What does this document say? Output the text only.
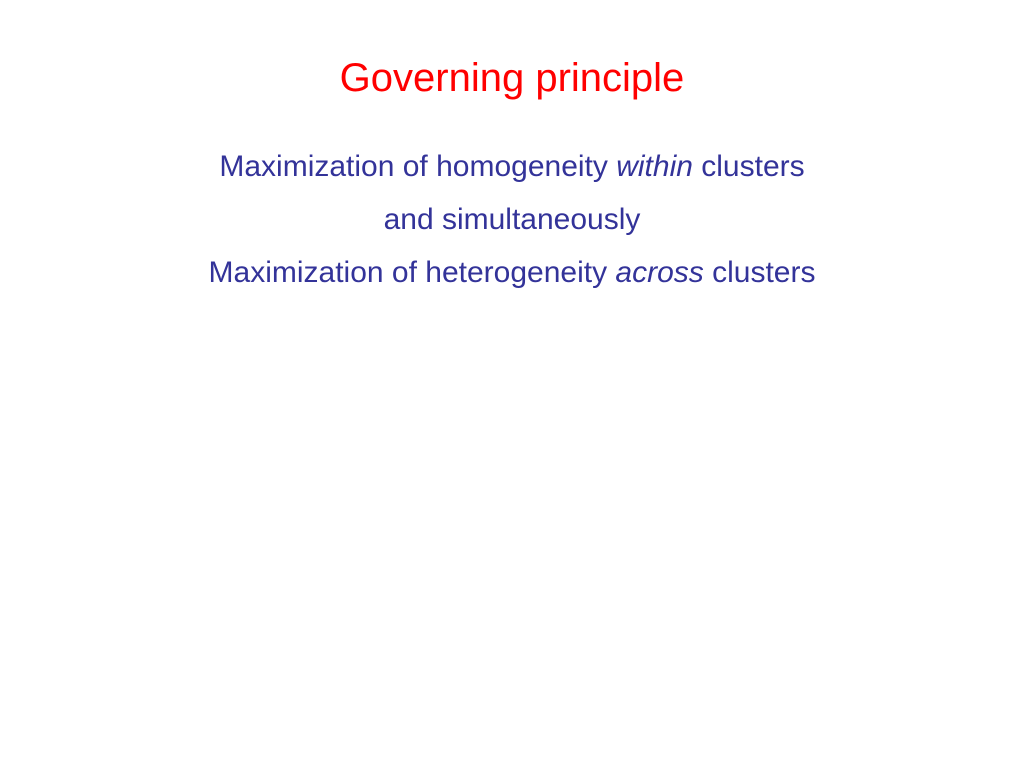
Governing principle
Maximization of homogeneity within clusters
and simultaneously
Maximization of heterogeneity across clusters
